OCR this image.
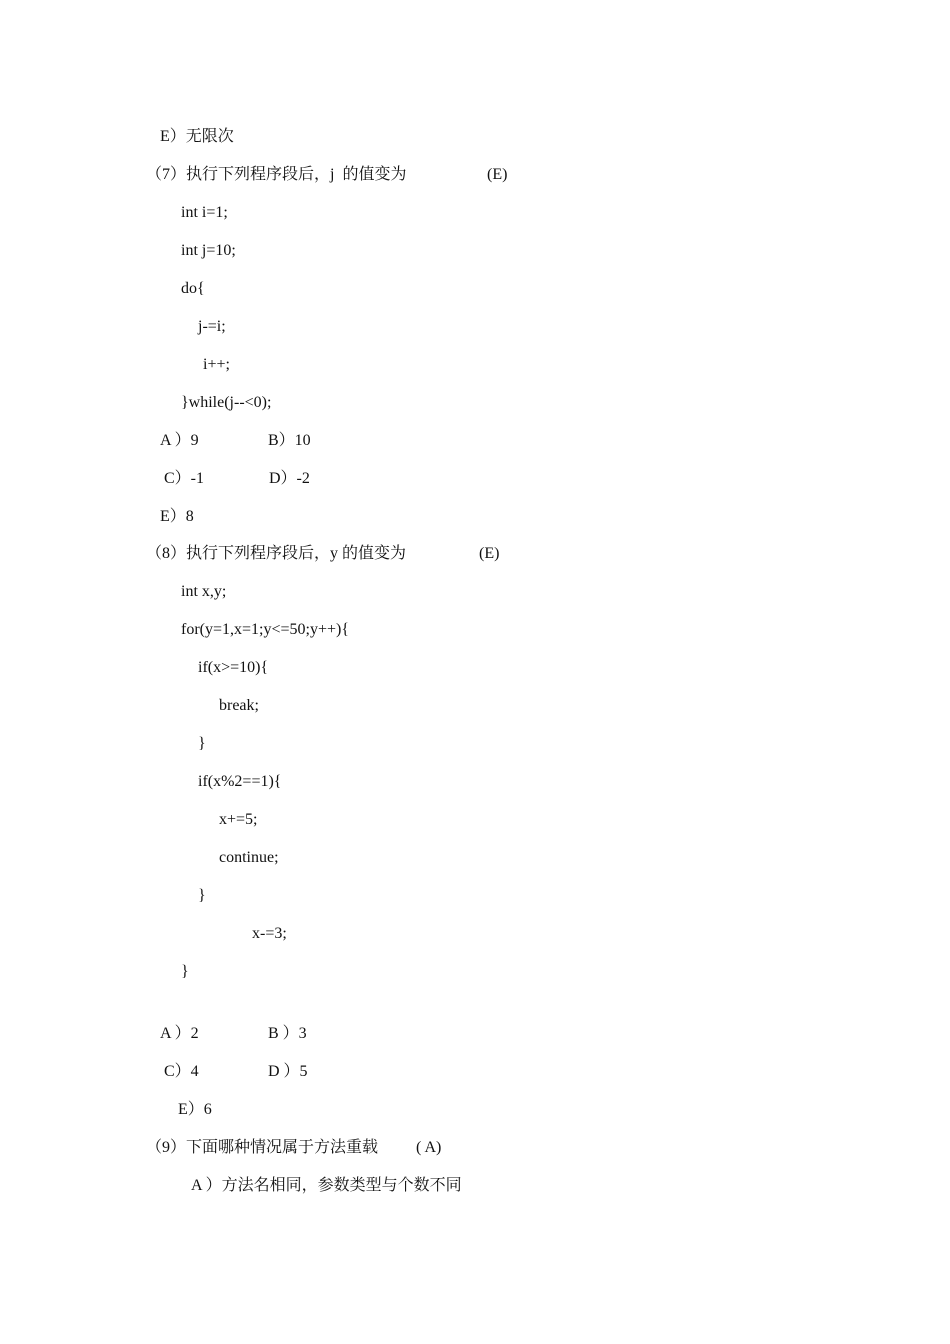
E）无限次
（7）执行下列程序段后，j  的值变为	(E)
int i=1;
int j=10;
do{
j-=i;
i++;
}while(j--<0);
A ）9	B）10
C）-1	D）-2
E）8
（8）执行下列程序段后，y 的值变为	(E)
int x,y;
for(y=1,x=1;y<=50;y++){
if(x>=10){
break;
}
if(x%2==1){
x+=5;
continue;
}
x-=3;
}
A ）2	B ）3
C）4	D ）5
E）6
（9）下面哪种情况属于方法重载 ( A)
A ）方法名相同，参数类型与个数不同
